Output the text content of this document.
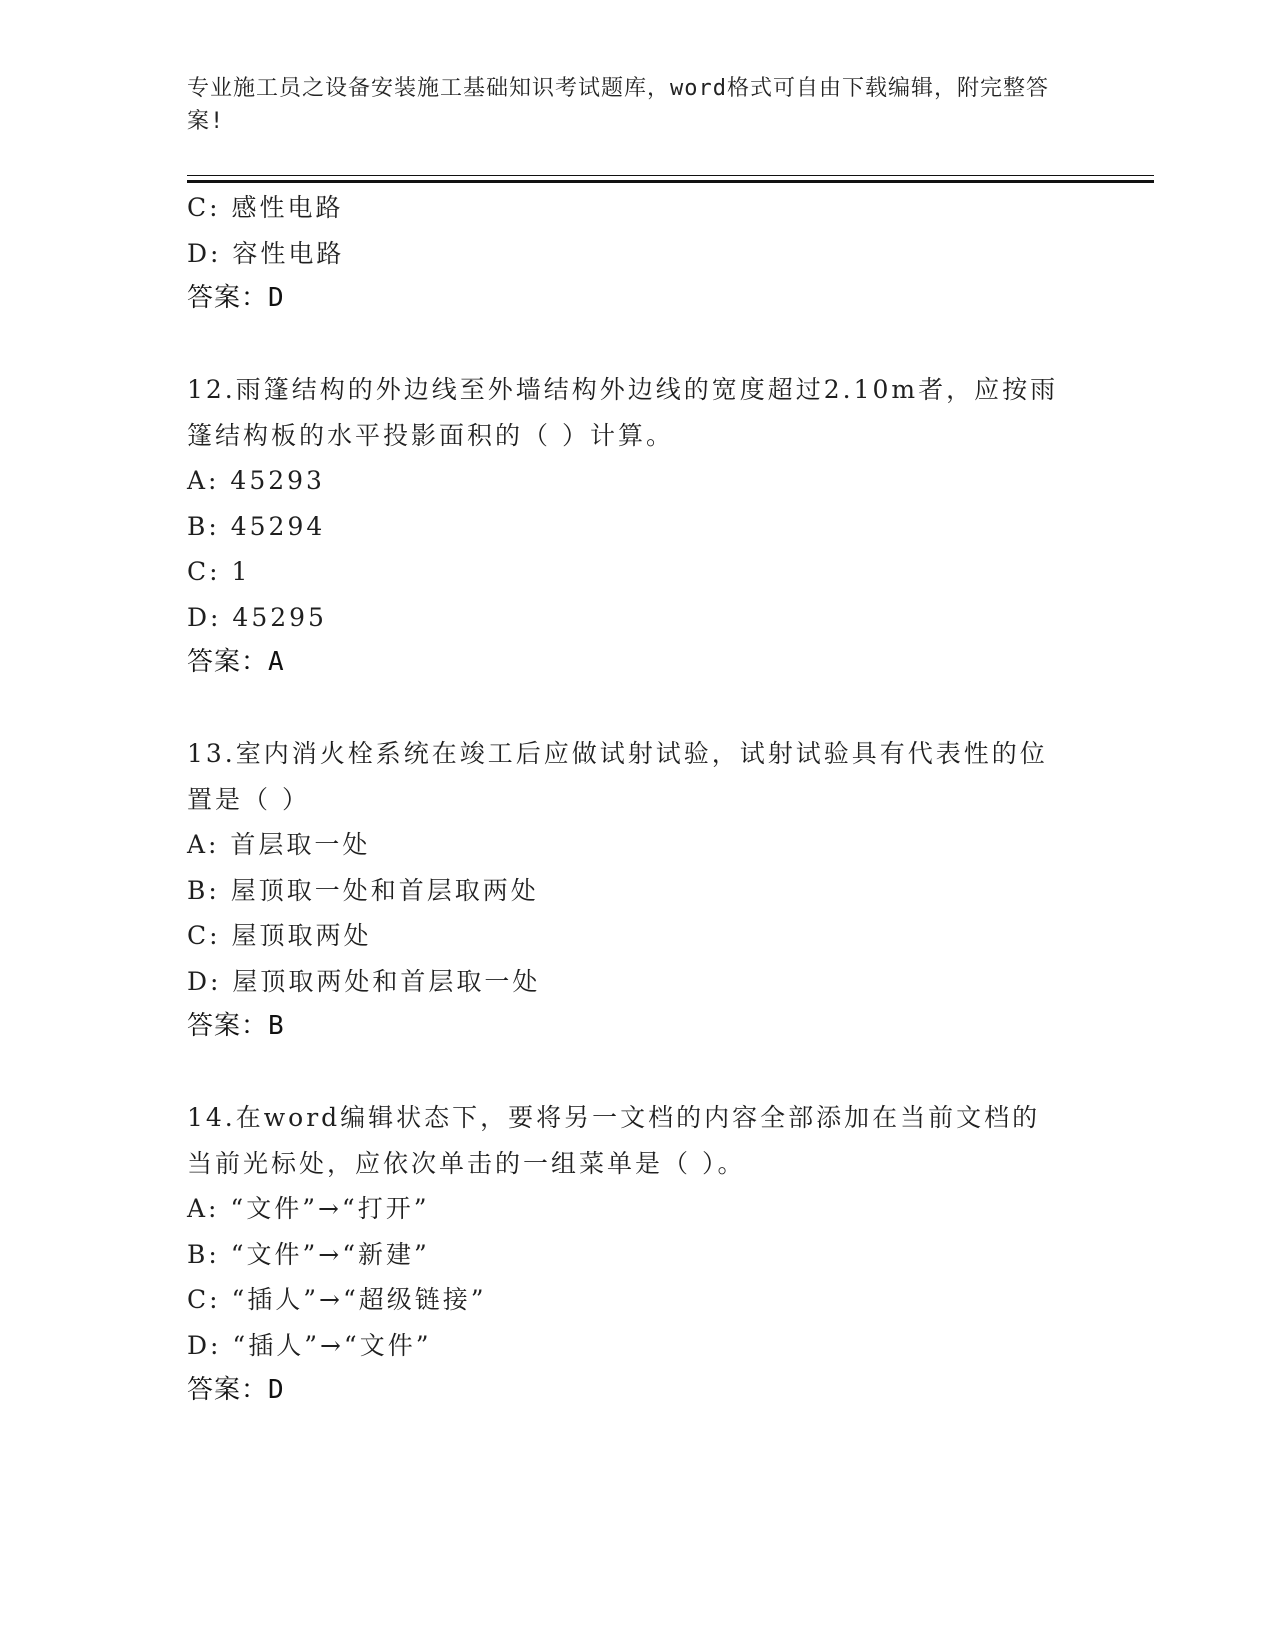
专业施工员之设备安装施工基础知识考试题库，word格式可自由下载编辑，附完整答案!
C: 感性电路
D: 容性电路
答案：D
12.雨篷结构的外边线至外墙结构外边线的宽度超过2.10m者，应按雨篷结构板的水平投影面积的（ ）计算。
A: 45293
B: 45294
C: 1
D: 45295
答案：A
13.室内消火栓系统在竣工后应做试射试验，试射试验具有代表性的位置是（ ）
A: 首层取一处
B: 屋顶取一处和首层取两处
C: 屋顶取两处
D: 屋顶取两处和首层取一处
答案：B
14.在word编辑状态下，要将另一文档的内容全部添加在当前文档的当前光标处，应依次单击的一组菜单是（ ）。
A: “文件”→“打开”
B: “文件”→“新建”
C: “插人”→“超级链接”
D: “插人”→“文件”
答案：D
